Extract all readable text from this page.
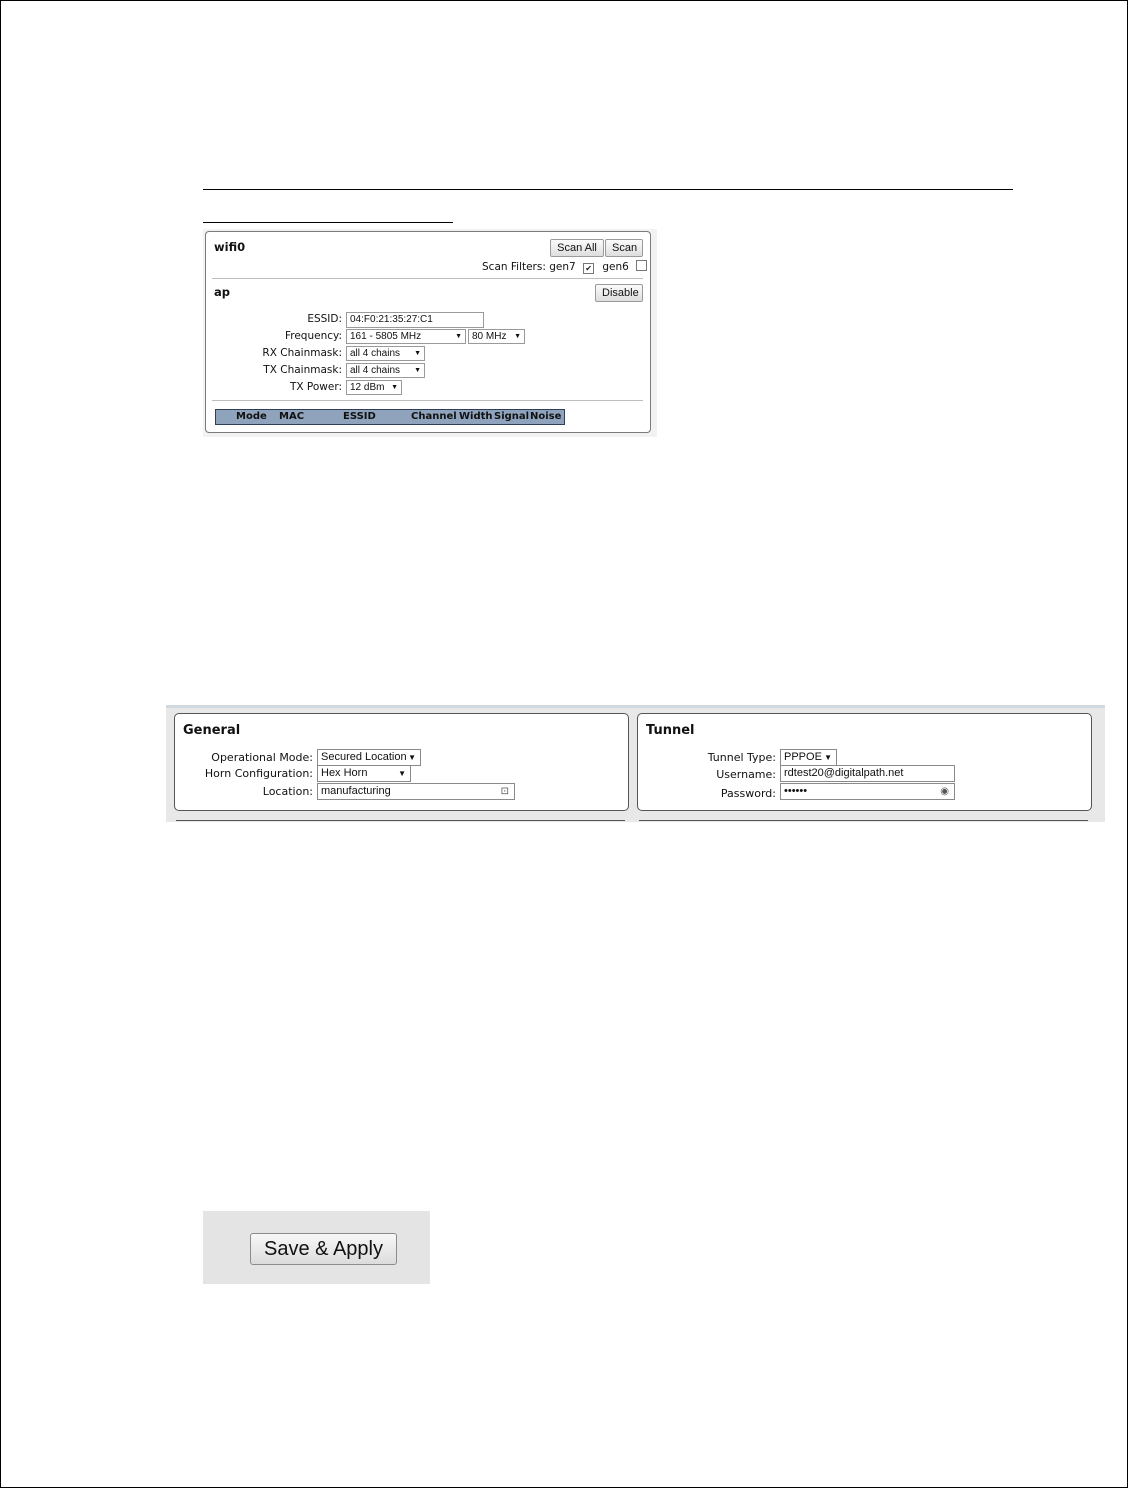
wifi0	Scan All	Scan
Scan Filters: gen7 ✔ gen6
ap	Disable
ESSID: 04:F0:21:35:27:C1
Frequency: 161 - 5805 MHz	▼	80 MHz ▼
RX Chainmask: all 4 chains ▼
TX Chainmask: all 4 chains ▼
TX Power: 12 dBm ▼
Mode MAC	ESSID	Channel Width Signal Noise
General
Operational Mode: Secured Location ▼
Horn Configuration: Hex Horn	▼
Location: manufacturing	⊡
Tunnel
Tunnel Type: PPPOE ▼
Username: rdtest20@digitalpath.net
Password: ••••••	◉
Save & Apply
